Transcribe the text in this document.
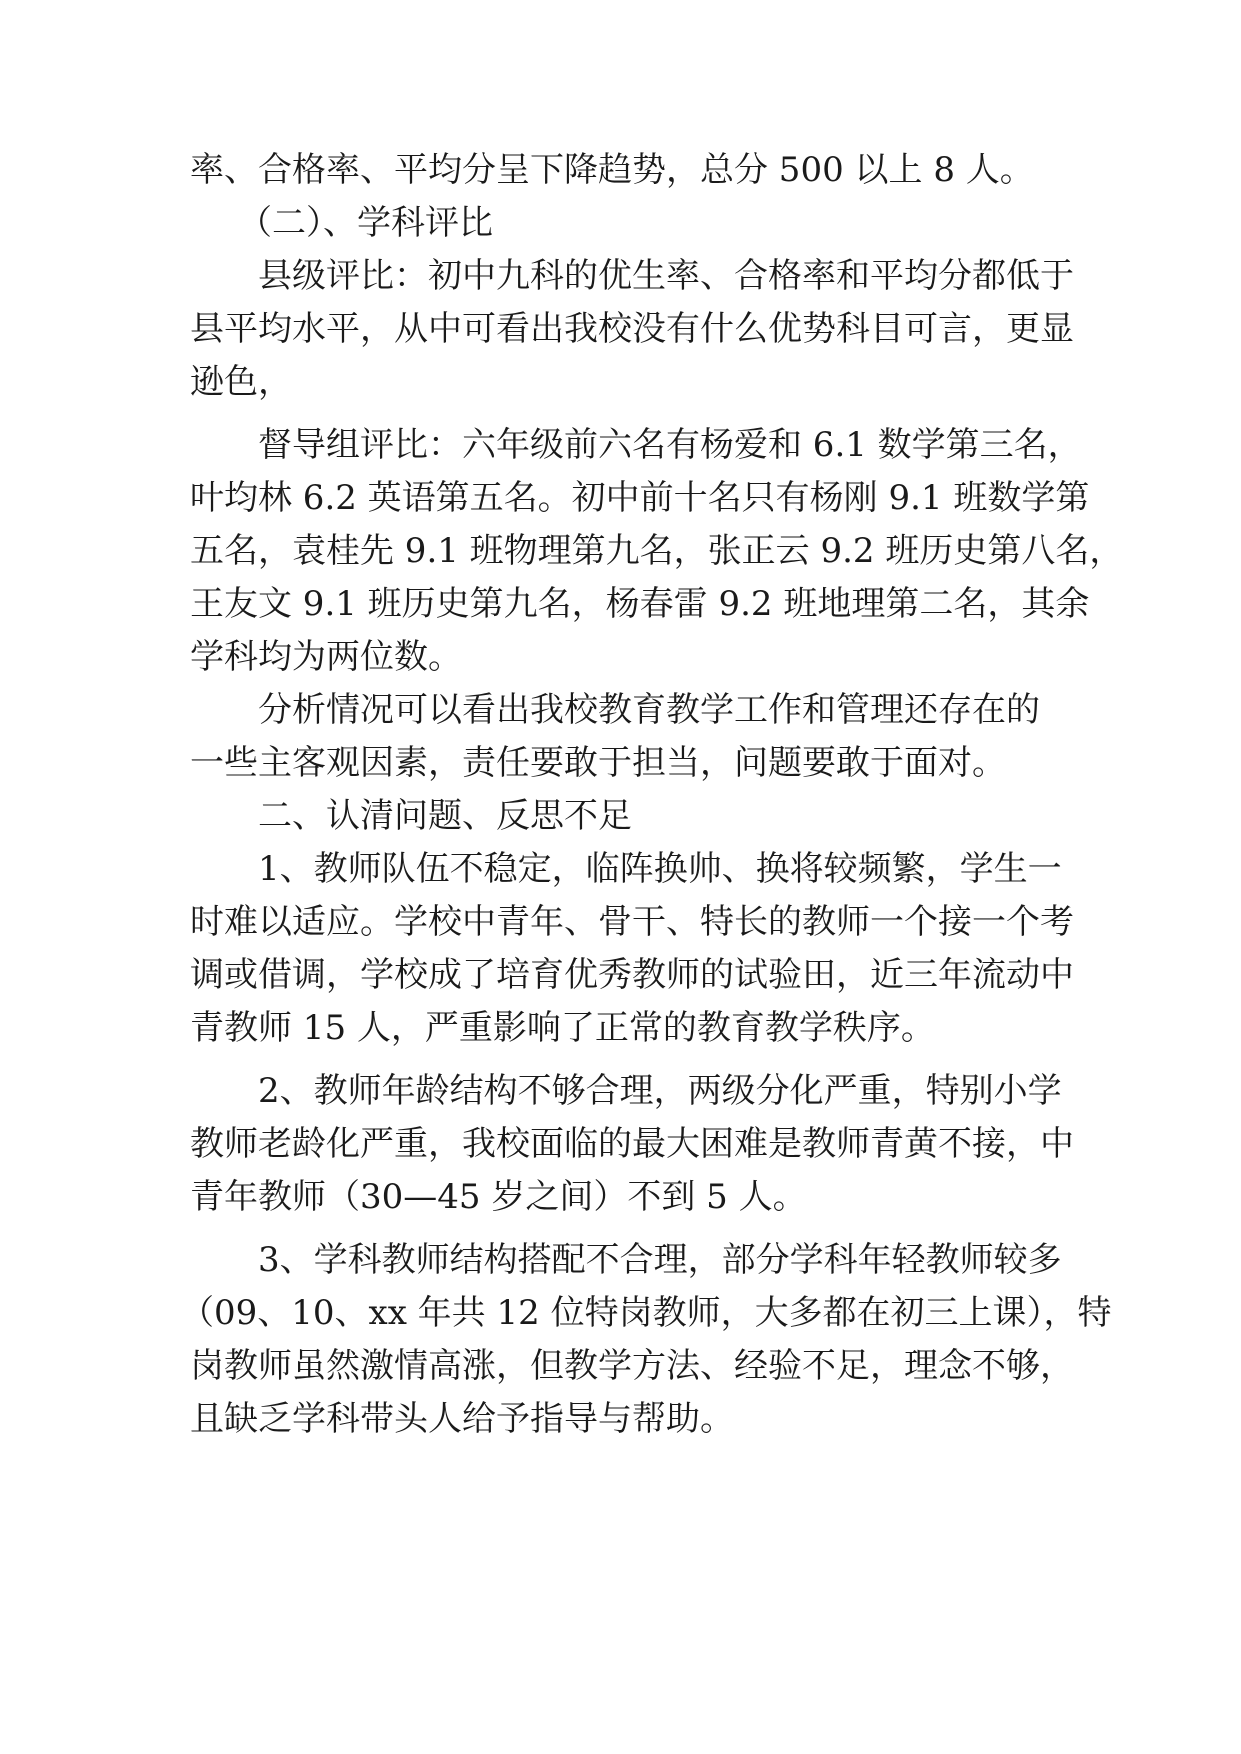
率、合格率、平均分呈下降趋势，总分 500 以上 8 人。
（二）、学科评比
县级评比：初中九科的优生率、合格率和平均分都低于
县平均水平，从中可看出我校没有什么优势科目可言，更显
逊色，
督导组评比：六年级前六名有杨爱和 6.1 数学第三名，
叶均林 6.2 英语第五名。初中前十名只有杨刚 9.1 班数学第
五名，袁桂先 9.1 班物理第九名，张正云 9.2 班历史第八名，
王友文 9.1 班历史第九名，杨春雷 9.2 班地理第二名，其余
学科均为两位数。
分析情况可以看出我校教育教学工作和管理还存在的
一些主客观因素，责任要敢于担当，问题要敢于面对。
二、认清问题、反思不足
1、教师队伍不稳定，临阵换帅、换将较频繁，学生一
时难以适应。学校中青年、骨干、特长的教师一个接一个考
调或借调，学校成了培育优秀教师的试验田，近三年流动中
青教师 15 人，严重影响了正常的教育教学秩序。
2、教师年龄结构不够合理，两级分化严重，特别小学
教师老龄化严重，我校面临的最大困难是教师青黄不接，中
青年教师（30—45 岁之间）不到 5 人。
3、学科教师结构搭配不合理，部分学科年轻教师较多
（09、10、xx 年共 12 位特岗教师，大多都在初三上课），特
岗教师虽然激情高涨，但教学方法、经验不足，理念不够，
且缺乏学科带头人给予指导与帮助。
